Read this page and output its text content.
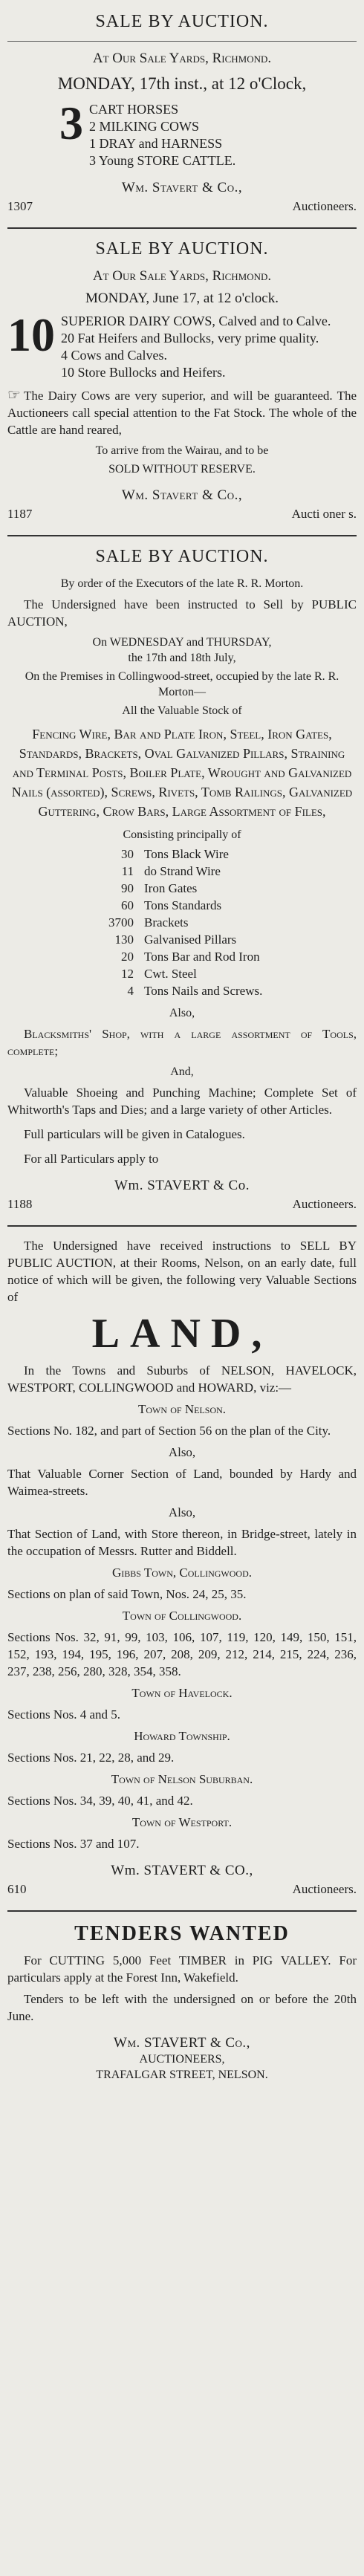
SALE BY AUCTION.
At Our Sale Yards, Richmond.
MONDAY, 17th inst., at 12 o'Clock,
3 CART HORSES
2 MILKING COWS
1 DRAY and HARNESS
3 Young STORE CATTLE.
Wm. Stavert & Co.,
1307	Auctioneers.
SALE BY AUCTION.
At Our Sale Yards, Richmond.
MONDAY, June 17, at 12 o'clock.
10 SUPERIOR DAIRY COWS, Calved and to Calve.
20 Fat Heifers and Bullocks, very prime quality.
4 Cows and Calves.
10 Store Bullocks and Heifers.
☞ The Dairy Cows are very superior, and will be guaranteed. The Auctioneers call special attention to the Fat Stock. The whole of the Cattle are hand reared,
To arrive from the Wairau, and to be
SOLD WITHOUT RESERVE.
Wm. Stavert & Co.,
1187	Aucti oner s.
SALE BY AUCTION.
By order of the Executors of the late R. R. Morton.
The Undersigned have been instructed to Sell by PUBLIC AUCTION,
On WEDNESDAY and THURSDAY,
the 17th and 18th July,
On the Premises in Collingwood-street, occupied by the late R. R. Morton—
All the Valuable Stock of
Fencing Wire, Bar and Plate Iron, Steel, Iron Gates, Standards, Brackets, Oval Galvanized Pillars, Straining and Terminal Posts, Boiler Plate, Wrought and Galvanized Nails (assorted), Screws, Rivets, Tomb Railings, Galvanized Guttering, Crow Bars, Large Assortment of Files,
Consisting principally of
30 Tons Black Wire
11 do Strand Wire
90 Iron Gates
60 Tons Standards
3700 Brackets
130 Galvanised Pillars
20 Tons Bar and Rod Iron
12 Cwt. Steel
4 Tons Nails and Screws.
Also,
Blacksmiths' Shop, with a large assortment of Tools, complete;
And,
Valuable Shoeing and Punching Machine; Complete Set of Whitworth's Taps and Dies; and a large variety of other Articles.
Full particulars will be given in Catalogues.
For all Particulars apply to
Wm. STAVERT & Co.
1188	Auctioneers.
The Undersigned have received instructions to SELL BY PUBLIC AUCTION, at their Rooms, Nelson, on an early date, full notice of which will be given, the following very Valuable Sections of
LAND,
In the Towns and Suburbs of NELSON, HAVELOCK, WESTPORT, COLLINGWOOD and HOWARD, viz:—
Town of Nelson.
Sections No. 182, and part of Section 56 on the plan of the City.
Also,
That Valuable Corner Section of Land, bounded by Hardy and Waimea-streets.
Also,
That Section of Land, with Store thereon, in Bridge-street, lately in the occupation of Messrs. Rutter and Biddell.
Gibbs Town, Collingwood.
Sections on plan of said Town, Nos. 24, 25, 35.
Town of Collingwood.
Sections Nos. 32, 91, 99, 103, 106, 107, 119, 120, 149, 150, 151, 152, 193, 194, 195, 196, 207, 208, 209, 212, 214, 215, 224, 236, 237, 238, 256, 280, 328, 354, 358.
Town of Havelock.
Sections Nos. 4 and 5.
Howard Township.
Sections Nos. 21, 22, 28, and 29.
Town of Nelson Suburban.
Sections Nos. 34, 39, 40, 41, and 42.
Town of Westport.
Sections Nos. 37 and 107.
Wm. STAVERT & CO.,
610	Auctioneers.
TENDERS WANTED
For CUTTING 5,000 Feet TIMBER in PIG VALLEY. For particulars apply at the Forest Inn, Wakefield.
Tenders to be left with the undersigned on or before the 20th June.
Wm. STAVERT & Co.,
AUCTIONEERS,
TRAFALGAR STREET, NELSON.
